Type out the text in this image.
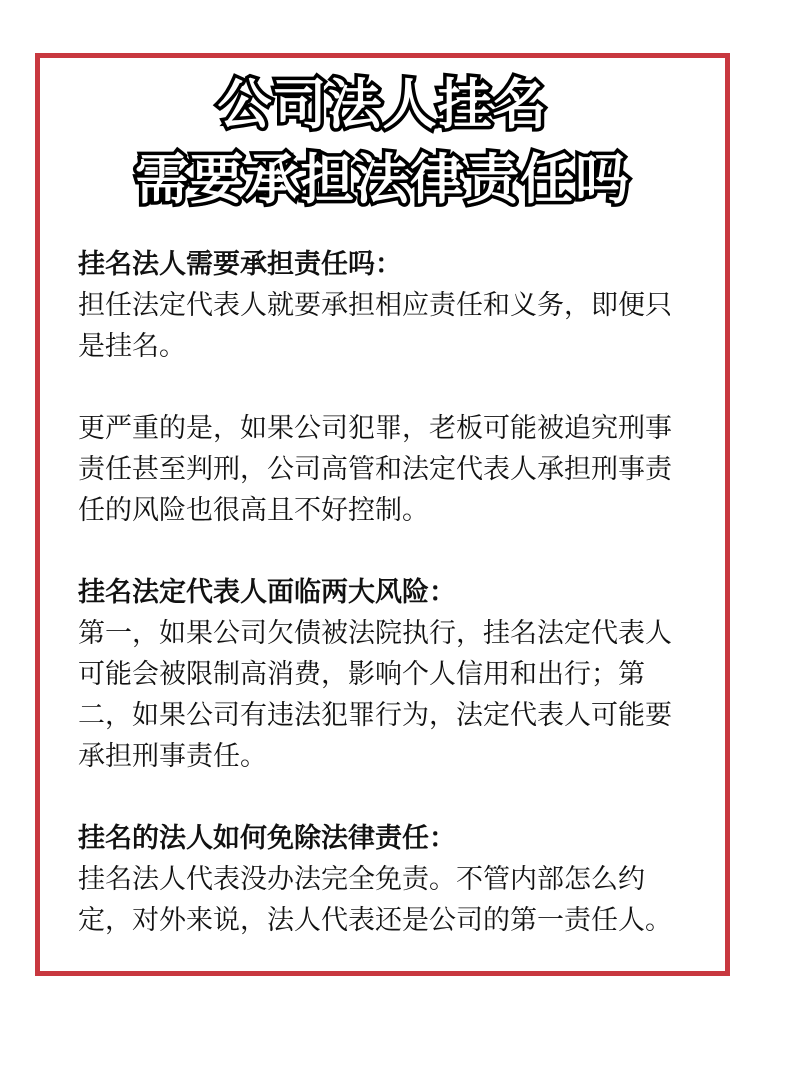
公司法人挂名
需要承担法律责任吗

挂名法人需要承担责任吗：

担任法定代表人就要承担相应责任和义务，即便只

是挂名。

更严重的是，如果公司犯罪，老板可能被追究刑事

责任甚至判刑，公司高管和法定代表人承担刑事责

任的风险也很高且不好控制。

挂名法定代表人面临两大风险：

第一，如果公司欠债被法院执行，挂名法定代表人

可能会被限制高消费，影响个人信用和出行；第

二，如果公司有违法犯罪行为，法定代表人可能要

承担刑事责任。

挂名的法人如何免除法律责任：

挂名法人代表没办法完全免责。不管内部怎么约

定，对外来说，法人代表还是公司的第一责任人。
